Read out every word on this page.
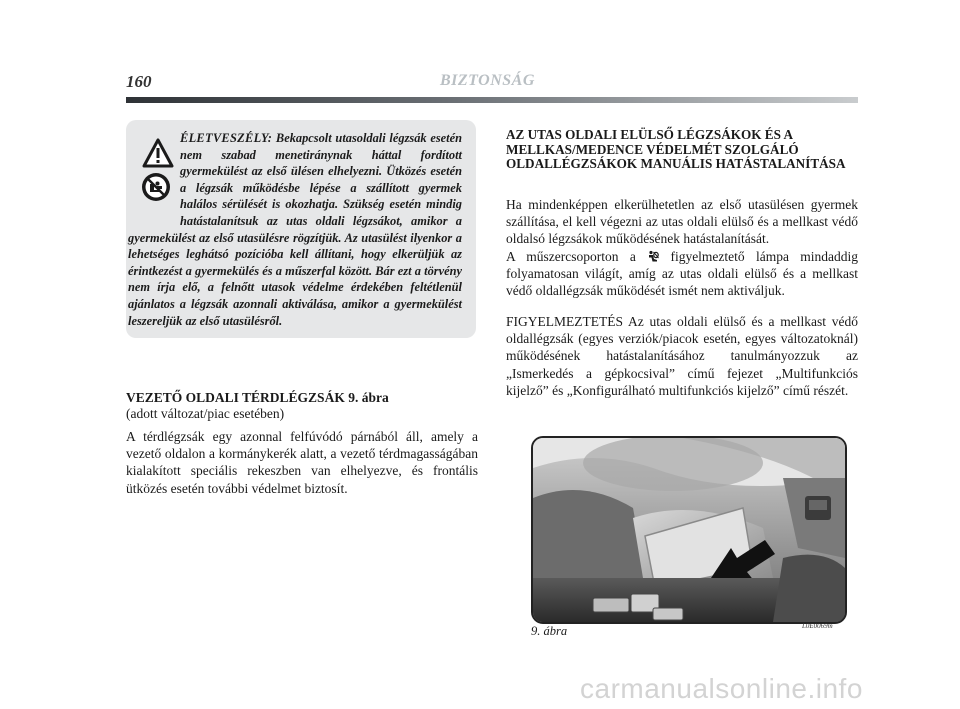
160	BIZTONSÁG

ÉLETVESZÉLY: Bekapcsolt utasoldali légzsák esetén nem szabad menetiránynak háttal fordított gyermekülést az első ülésen elhelyezni. Ütközés esetén a légzsák működésbe lépése a szállított gyermek halálos sérülését is okozhatja. Szükség esetén mindig hatástalanítsuk az utas oldali légzsákot, amikor a gyermekülést az első utasülésre rögzítjük. Az utasülést ilyenkor a lehetséges leghátsó pozícióba kell állítani, hogy elkerüljük az érintkezést a gyermekülés és a műszerfal között. Bár ezt a törvény nem írja elő, a felnőtt utasok védelme érdekében feltétlenül ajánlatos a légzsák azonnali aktiválása, amikor a gyermekülést leszereljük az első utasülésről.

VEZETŐ OLDALI TÉRDLÉGZSÁK 9. ábra

(adott változat/piac esetében)

A térdlégzsák egy azonnal felfúvódó párnából áll, amely a vezető oldalon a kormánykerék alatt, a vezető térdmagasságában kialakított speciális rekeszben van elhelyezve, és frontális ütközés esetén további védelmet biztosít.

AZ UTAS OLDALI ELÜLSŐ LÉGZSÁKOK ÉS A MELLKAS/MEDENCE VÉDELMÉT SZOLGÁLÓ OLDALLÉGZSÁKOK MANUÁLIS HATÁSTALANÍTÁSA

Ha mindenképpen elkerülhetetlen az első utasülésen gyermek szállítása, el kell végezni az utas oldali elülső és a mellkast védő oldalsó légzsákok működésének hatástalanítását.
A műszercsoporton a  figyelmeztető lámpa mindaddig folyamatosan világít, amíg az utas oldali elülső és a mellkast védő oldallégzsák működését ismét nem aktiváljuk.

FIGYELMEZTETÉS Az utas oldali elülső és a mellkast védő oldallégzsák (egyes verziók/piacok esetén, egyes változatoknál) működésének hatástalanításához tanulmányozzuk az „Ismerkedés a gépkocsival” című fejezet „Multifunkciós kijelző” és „Konfigurálható multifunkciós kijelző” című részét.

9. ábra	L0E0069m

carmanualsonline.info
